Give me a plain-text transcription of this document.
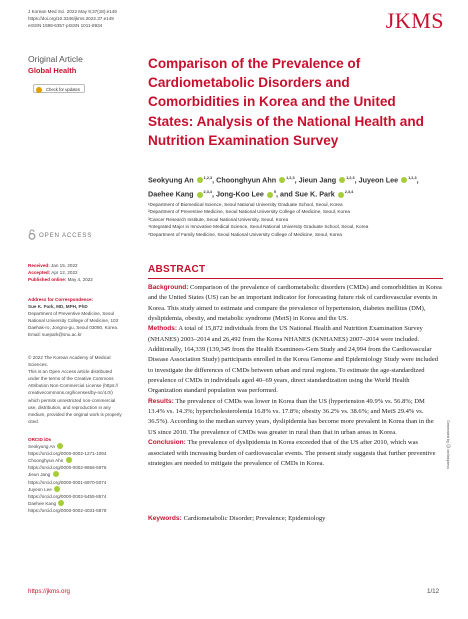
J Korean Med Sci. 2022 May 9;37(18):e149
https://doi.org/10.3346/jkms.2022.37.e149
eISSN 1598-6357·pISSN 1011-8934	JKMS
Original Article
Global Health
Check for updates
OPEN ACCESS
Received: Jan 15, 2022
Accepted: Apr 12, 2022
Published online: May 4, 2022
Address for Correspondence:
Sue K. Park, MD, MPH, PhD
Department of Preventive Medicine, Seoul
National University College of Medicine, 103
Daehak-ro, Jongno-gu, Seoul 03080, Korea.
Email: suepark@snu.ac.kr
© 2022 The Korean Academy of Medical
Sciences.
This is an Open Access article distributed
under the terms of the Creative Commons
Attribution Non-Commercial License (https://
creativecommons.org/licenses/by-nc/4.0/)
which permits unrestricted non-commercial
use, distribution, and reproduction in any
medium, provided the original work is properly
cited.
ORCID iDs
Seokyung An
https://orcid.org/0000-0002-1271-1094
Choonghyun Ahn
https://orcid.org/0000-0002-9656-5976
Jieun Jang
https://orcid.org/0000-0001-6970-5074
Juyeon Lee
https://orcid.org/0000-0002-5455-8574
Daehee Kang
https://orcid.org/0000-0002-4031-5878
Comparison of the Prevalence of Cardiometabolic Disorders and Comorbidities in Korea and the United States: Analysis of the National Health and Nutrition Examination Survey
Seokyung An	$^{1,2,3}$, Choonghyun Ahn	$^{1,2,3}$, Jieun Jang	$^{1,2,3}$, Juyeon Lee	$^{1,2,3}$,
Daehee Kang	$^{2,3,4}$, Jong-Koo Lee	$^5$, and Sue K. Park	$^{2,3,4}$
¹Department of Biomedical Science, Seoul National University Graduate School, Seoul, Korea
²Department of Preventive Medicine, Seoul National University College of Medicine, Seoul, Korea
³Cancer Research Institute, Seoul National University, Seoul, Korea
⁴Integrated Major in Innovative Medical Science, Seoul National University Graduate School, Seoul, Korea
⁵Department of Family Medicine, Seoul National University College of Medicine, Seoul, Korea
ABSTRACT
Background: Comparison of the prevalence of cardiometabolic disorders (CMDs) and comorbidities in Korea and the United States (US) can be an important indicator for forecasting future risk of cardiovascular events in Korea. This study aimed to estimate and compare the prevalence of hypertension, diabetes mellitus (DM), dyslipidemia, obesity, and metabolic syndrome (MetS) in Korea and the US.
Methods: A total of 15,872 individuals from the US National Health and Nutrition Examination Survey (NHANES) 2003–2014 and 26,492 from the Korea NHANES (KNHANES) 2007–2014 were included. Additionally, 164,339 (139,345 from the Health Examinees-Gem Study and 24,994 from the Cardiovascular Disease Association Study) participants enrolled in the Korea Genome and Epidemiology Study were included to investigate the differences of CMDs between urban and rural regions. To estimate the age-standardized prevalence of CMDs in individuals aged 40–69 years, direct standardization using the World Health Organization standard population was performed.
Results: The prevalence of CMDs was lower in Korea than the US (hypertension 49.9% vs. 56.8%; DM 13.4% vs. 14.3%; hypercholesterolemia 16.8% vs. 17.8%; obesity 36.2% vs. 38.6%; and MetS 29.4% vs. 36.5%). According to the median survey years, dyslipidemia has become more prevalent in Korea than in the US since 2010. The prevalence of CMDs was greater in rural than that in urban areas in Korea.
Conclusion: The prevalence of dyslipidemia in Korea exceeded that of the US after 2010, which was associated with increasing burden of cardiovascular events. The present study suggests that further preventive strategies are needed to mitigate the prevalence of CMDs in Korea.
Keywords: Cardiometabolic Disorder; Prevalence; Epidemiology
https://jkms.org	1/12
Generated by 🛈 xmlinkpress
